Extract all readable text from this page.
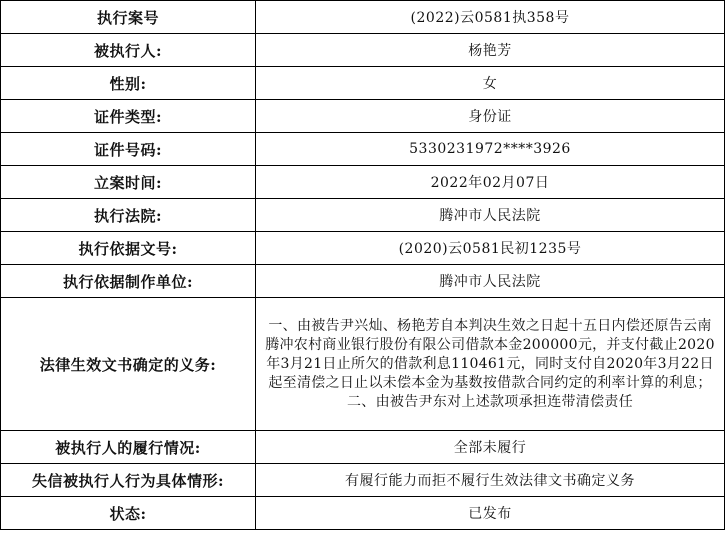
执行案号	(2022)云0581执358号
被执行人:	杨艳芳
性别:	女
证件类型:	身份证
证件号码:	5330231972****3926
立案时间:	2022年02月07日
执行法院:	腾冲市人民法院
执行依据文号:	(2020)云0581民初1235号
执行依据制作单位:	腾冲市人民法院
法律生效文书确定的义务:	一、由被告尹兴灿、杨艳芳自本判决生效之日起十五日内偿还原告云南腾冲农村商业银行股份有限公司借款本金200000元，并支付截止2020年3月21日止所欠的借款利息110461元，同时支付自2020年3月22日起至清偿之日止以未偿本金为基数按借款合同约定的利率计算的利息； 二、由被告尹东对上述款项承担连带清偿责任
被执行人的履行情况:	全部未履行
失信被执行人行为具体情形:	有履行能力而拒不履行生效法律文书确定义务
状态:	已发布
